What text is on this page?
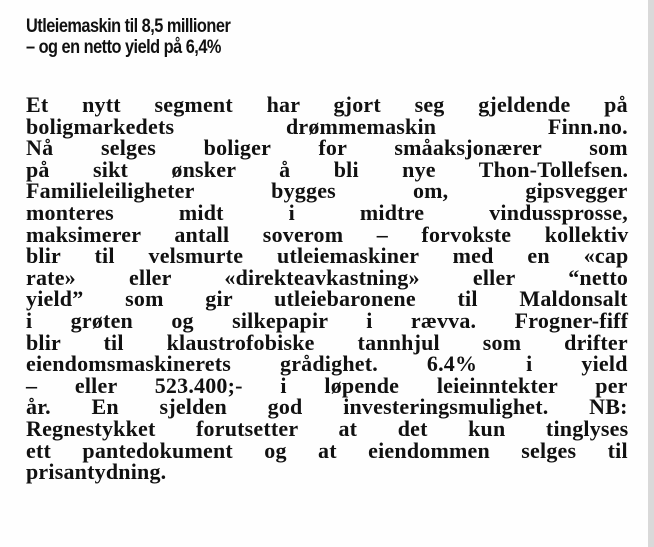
Utleiemaskin til 8,5 millioner
– og en netto yield på 6,4%
Et nytt segment har gjort seg gjeldende på
boligmarkedets drømmemaskin Finn.no.
Nå selges boliger for småaksjonærer som
på sikt ønsker å bli nye Thon-Tollefsen.
Familieleiligheter bygges om, gipsvegger
monteres midt i midtre vindussprosse,
maksimerer antall soverom – forvokste kollektiv
blir til velsmurte utleiemaskiner med en «cap
rate» eller «direkteavkastning» eller “netto
yield” som gir utleiebaronene til Maldonsalt
i grøten og silkepapir i rævva. Frogner-fiff
blir til klaustrofobiske tannhjul som drifter
eiendomsmaskinerets grådighet. 6.4% i yield
– eller 523.400;- i løpende leieinntekter per
år. En sjelden god investeringsmulighet. NB:
Regnestykket forutsetter at det kun tinglyses
ett pantedokument og at eiendommen selges til
prisantydning.
